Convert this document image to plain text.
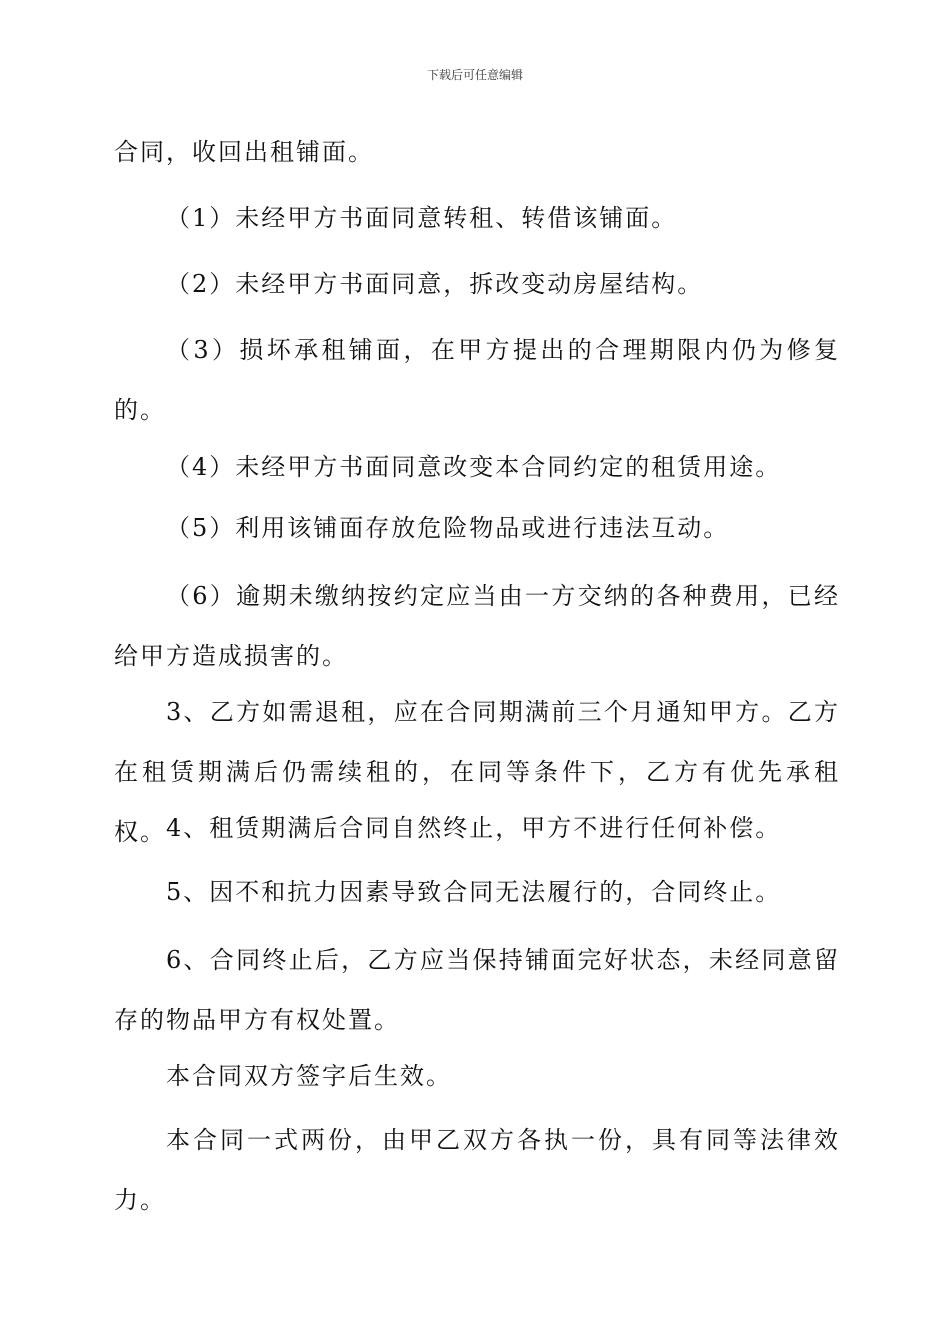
下载后可任意编辑

合同，收回出租铺面。

（1）未经甲方书面同意转租、转借该铺面。

（2）未经甲方书面同意，拆改变动房屋结构。

（3）损坏承租铺面，在甲方提出的合理期限内仍为修复的。

（4）未经甲方书面同意改变本合同约定的租赁用途。

（5）利用该铺面存放危险物品或进行违法互动。

（6）逾期未缴纳按约定应当由一方交纳的各种费用，已经给甲方造成损害的。

3、乙方如需退租，应在合同期满前三个月通知甲方。乙方在租赁期满后仍需续租的，在同等条件下，乙方有优先承租权。 4、租赁期满后合同自然终止，甲方不进行任何补偿。

5、因不和抗力因素导致合同无法履行的，合同终止。

6、合同终止后，乙方应当保持铺面完好状态，未经同意留存的物品甲方有权处置。

本合同双方签字后生效。

本合同一式两份，由甲乙双方各执一份，具有同等法律效力。
